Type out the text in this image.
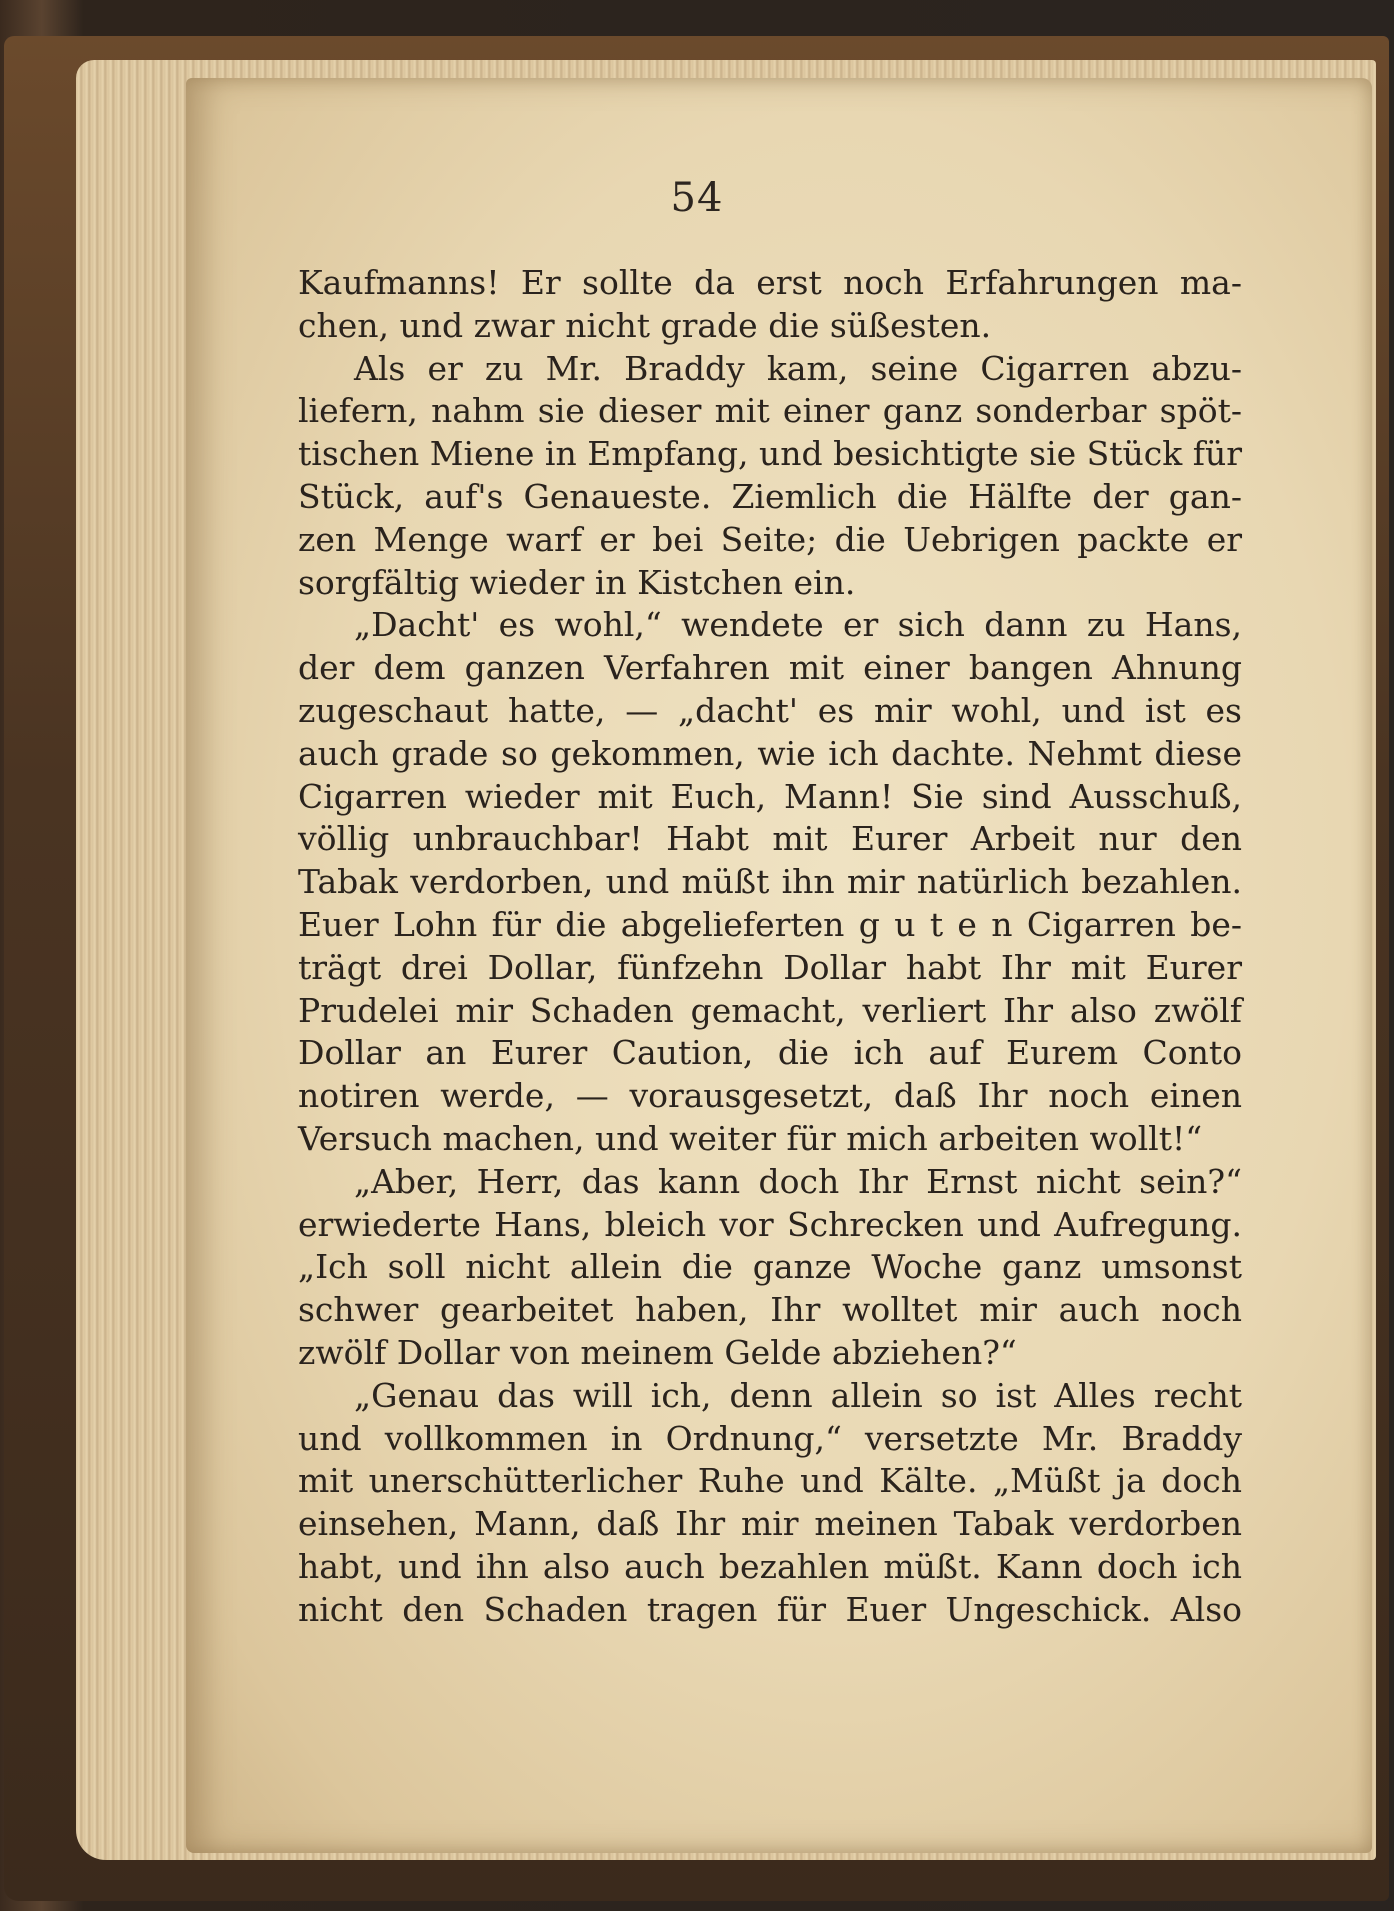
54
Kaufmanns! Er sollte da erst noch Erfahrungen ma-
chen, und zwar nicht grade die süßesten.
Als er zu Mr. Braddy kam, seine Cigarren abzu-
liefern, nahm sie dieser mit einer ganz sonderbar spöt-
tischen Miene in Empfang, und besichtigte sie Stück für
Stück, auf's Genaueste. Ziemlich die Hälfte der gan-
zen Menge warf er bei Seite; die Uebrigen packte er
sorgfältig wieder in Kistchen ein.
„Dacht' es wohl,“ wendete er sich dann zu Hans,
der dem ganzen Verfahren mit einer bangen Ahnung
zugeschaut hatte, — „dacht' es mir wohl, und ist es
auch grade so gekommen, wie ich dachte. Nehmt diese
Cigarren wieder mit Euch, Mann! Sie sind Ausschuß,
völlig unbrauchbar! Habt mit Eurer Arbeit nur den
Tabak verdorben, und müßt ihn mir natürlich bezahlen.
Euer Lohn für die abgelieferten g u t e n Cigarren be-
trägt drei Dollar, fünfzehn Dollar habt Ihr mit Eurer
Prudelei mir Schaden gemacht, verliert Ihr also zwölf
Dollar an Eurer Caution, die ich auf Eurem Conto
notiren werde, — vorausgesetzt, daß Ihr noch einen
Versuch machen, und weiter für mich arbeiten wollt!“
„Aber, Herr, das kann doch Ihr Ernst nicht sein?“
erwiederte Hans, bleich vor Schrecken und Aufregung.
„Ich soll nicht allein die ganze Woche ganz umsonst
schwer gearbeitet haben, Ihr wolltet mir auch noch
zwölf Dollar von meinem Gelde abziehen?“
„Genau das will ich, denn allein so ist Alles recht
und vollkommen in Ordnung,“ versetzte Mr. Braddy
mit unerschütterlicher Ruhe und Kälte. „Müßt ja doch
einsehen, Mann, daß Ihr mir meinen Tabak verdorben
habt, und ihn also auch bezahlen müßt. Kann doch ich
nicht den Schaden tragen für Euer Ungeschick. Also
